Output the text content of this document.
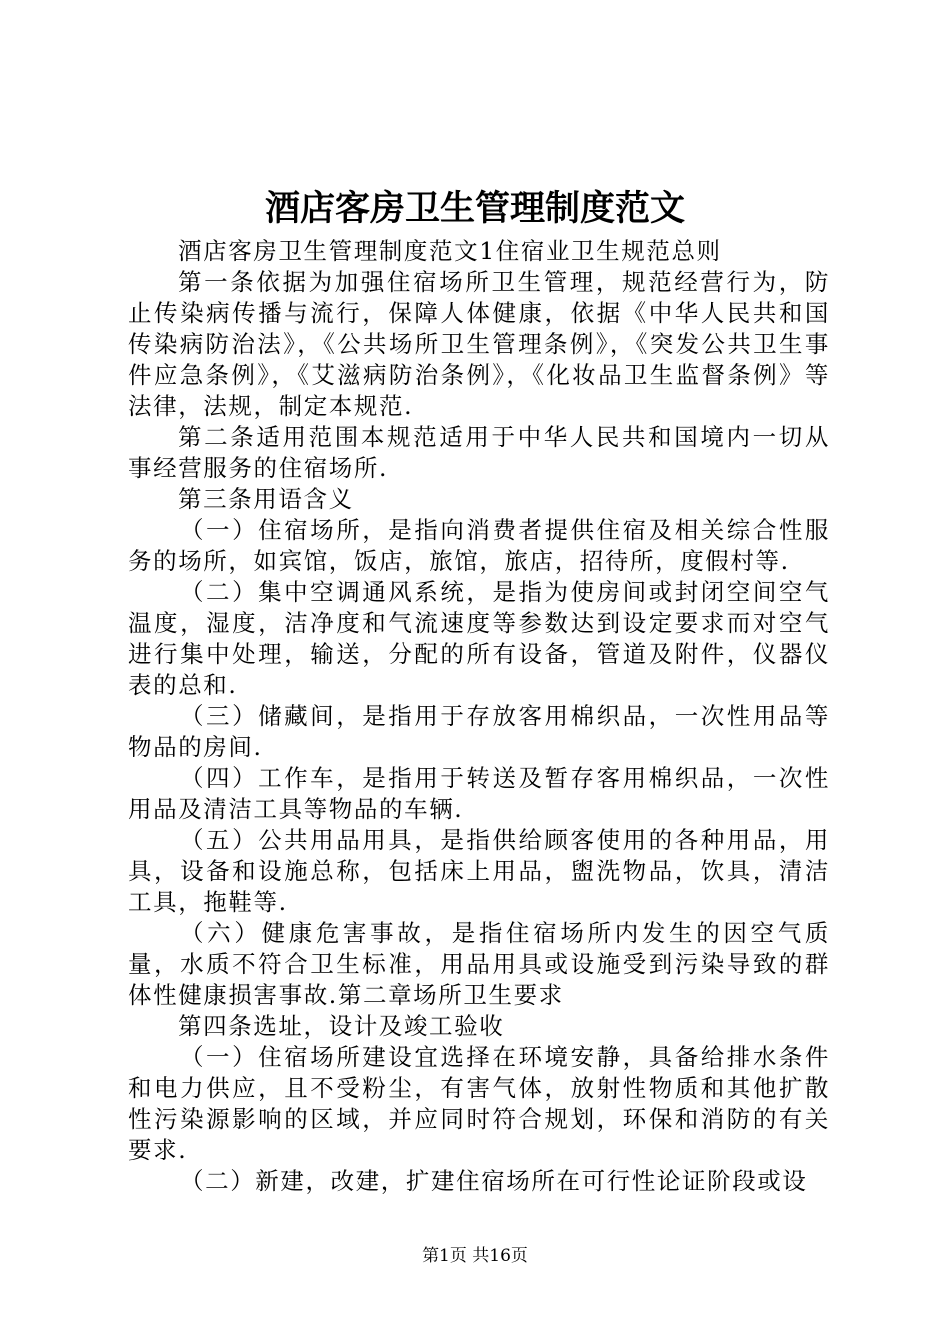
酒店客房卫生管理制度范文

酒店客房卫生管理制度范文1住宿业卫生规范总则

第一条依据为加强住宿场所卫生管理，规范经营行为，防止传染病传播与流行，保障人体健康，依据《中华人民共和国传染病防治法》，《公共场所卫生管理条例》，《突发公共卫生事件应急条例》，《艾滋病防治条例》，《化妆品卫生监督条例》等法律，法规，制定本规范.

第二条适用范围本规范适用于中华人民共和国境内一切从事经营服务的住宿场所.

第三条用语含义

（一）住宿场所，是指向消费者提供住宿及相关综合性服务的场所，如宾馆，饭店，旅馆，旅店，招待所，度假村等.

（二）集中空调通风系统，是指为使房间或封闭空间空气温度，湿度，洁净度和气流速度等参数达到设定要求而对空气进行集中处理，输送，分配的所有设备，管道及附件，仪器仪表的总和.

（三）储藏间，是指用于存放客用棉织品，一次性用品等物品的房间.

（四）工作车，是指用于转送及暂存客用棉织品，一次性用品及清洁工具等物品的车辆.

（五）公共用品用具，是指供给顾客使用的各种用品，用具，设备和设施总称，包括床上用品，盥洗物品，饮具，清洁工具，拖鞋等.

（六）健康危害事故，是指住宿场所内发生的因空气质量，水质不符合卫生标准，用品用具或设施受到污染导致的群体性健康损害事故.第二章场所卫生要求

第四条选址，设计及竣工验收

（一）住宿场所建设宜选择在环境安静，具备给排水条件和电力供应，且不受粉尘，有害气体，放射性物质和其他扩散性污染源影响的区域，并应同时符合规划，环保和消防的有关要求.

（二）新建，改建，扩建住宿场所在可行性论证阶段或设

第1页 共16页
